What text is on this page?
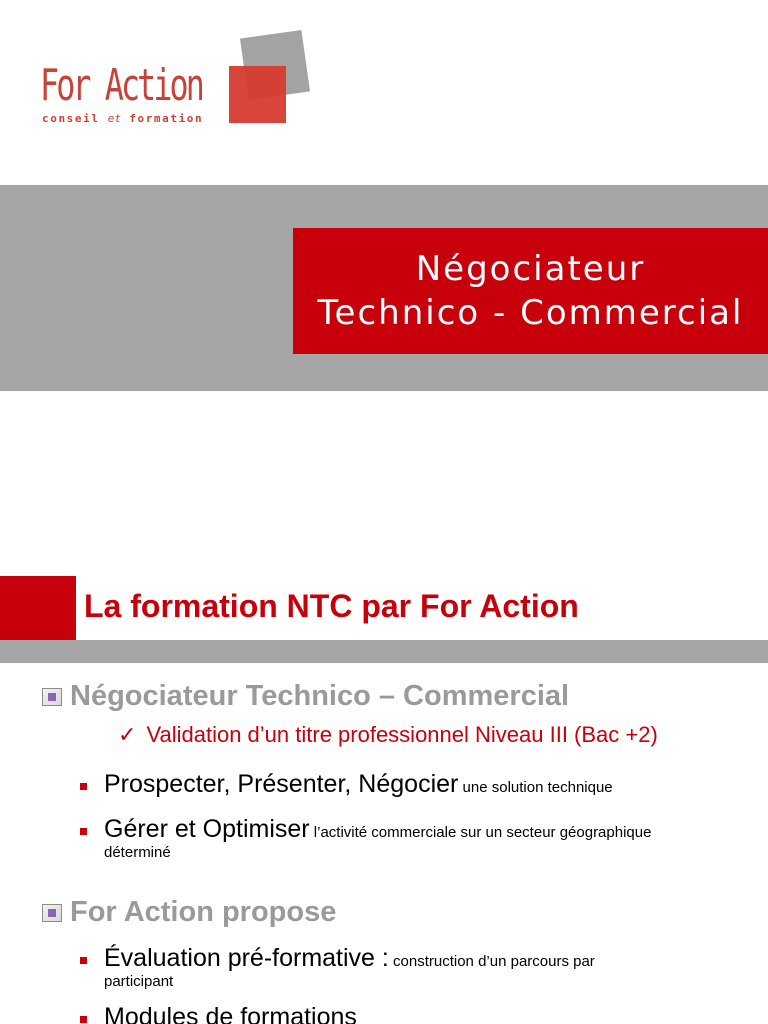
For Action
conseil et formation
Négociateur
Technico - Commercial
La formation NTC par For Action
Négociateur Technico – Commercial
✓ Validation d’un titre professionnel Niveau III (Bac +2)
Prospecter, Présenter, Négocier une solution technique
Gérer et Optimiser l’activité commerciale sur un secteur géographique
déterminé
For Action propose
Évaluation pré-formative : construction d’un parcours par
participant
Modules de formations
